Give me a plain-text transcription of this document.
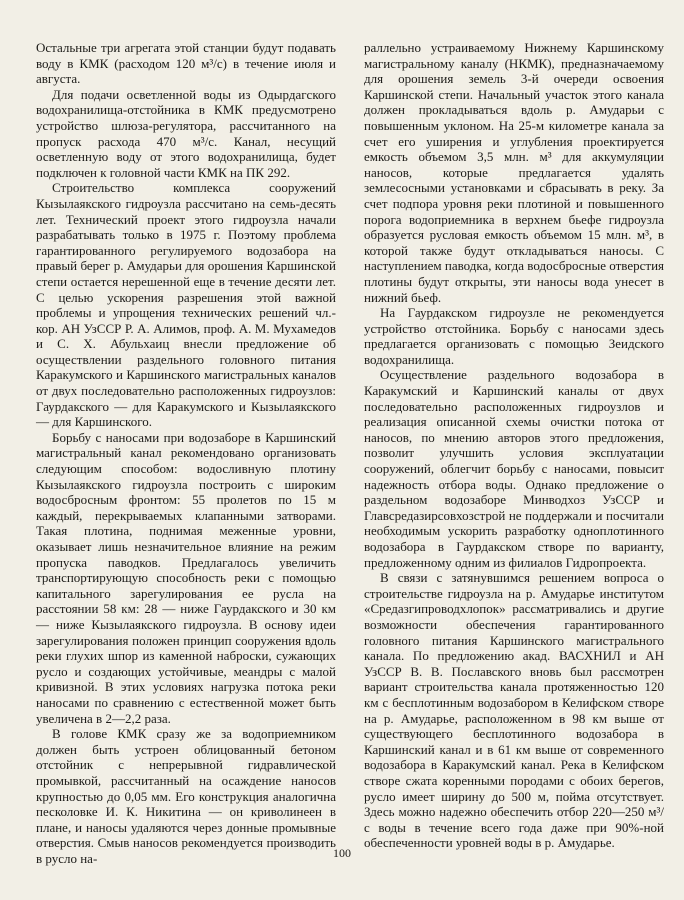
Остальные три агрегата этой станции будут подавать воду в КМК (расходом 120 м³/с) в течение июля и августа.

Для подачи осветленной воды из Одырдагского водохранилища-отстойника в КМК предусмотрено устройство шлюза-регулятора, рассчитанного на пропуск расхода 470 м³/с. Канал, несущий осветленную воду от этого водохранилища, будет подключен к головной части КМК на ПК 292.

Строительство комплекса сооружений Кызылаякского гидроузла рассчитано на семь-десять лет. Технический проект этого гидроузла начали разрабатывать только в 1975 г. Поэтому проблема гарантированного регулируемого водозабора на правый берег р. Амударьи для орошения Каршинской степи остается нерешенной еще в течение десяти лет. С целью ускорения разрешения этой важной проблемы и упрощения технических решений чл.-кор. АН УзССР Р. А. Алимов, проф. А. М. Мухамедов и С. Х. Абульхаиц внесли предложение об осуществлении раздельного головного питания Каракумского и Каршинского магистральных каналов от двух последовательно расположенных гидроузлов: Гаурдакского — для Каракумского и Кызылаякского — для Каршинского.

Борьбу с наносами при водозаборе в Каршинский магистральный канал рекомендовано организовать следующим способом: водосливную плотину Кызылаякского гидроузла построить с широким водосбросным фронтом: 55 пролетов по 15 м каждый, перекрываемых клапанными затворами. Такая плотина, поднимая меженные уровни, оказывает лишь незначительное влияние на режим пропуска паводков. Предлагалось увеличить транспортирующую способность реки с помощью капитального зарегулирования ее русла на расстоянии 58 км: 28 — ниже Гаурдакского и 30 км — ниже Кызылаякского гидроузла. В основу идеи зарегулирования положен принцип сооружения вдоль реки глухих шпор из каменной наброски, сужающих русло и создающих устойчивые, меандры с малой кривизной. В этих условиях нагрузка потока реки наносами по сравнению с естественной может быть увеличена в 2—2,2 раза.

В голове КМК сразу же за водоприемником должен быть устроен облицованный бетоном отстойник с непрерывной гидравлической промывкой, рассчитанный на осаждение наносов крупностью до 0,05 мм. Его конструкция аналогична песколовке И. К. Никитина — он криволинеен в плане, и наносы удаляются через донные промывные отверстия. Смыв наносов рекомендуется производить в русло на-

раллельно устраиваемому Нижнему Каршинскому магистральному каналу (НКМК), предназначаемому для орошения земель 3-й очереди освоения Каршинской степи. Начальный участок этого канала должен прокладываться вдоль р. Амударьи с повышенным уклоном. На 25-м километре канала за счет его уширения и углубления проектируется емкость объемом 3,5 млн. м³ для аккумуляции наносов, которые предлагается удалять землесосными установками и сбрасывать в реку. За счет подпора уровня реки плотиной и повышенного порога водоприемника в верхнем бьефе гидроузла образуется русловая емкость объемом 15 млн. м³, в которой также будут откладываться наносы. С наступлением паводка, когда водосбросные отверстия плотины будут открыты, эти наносы вода унесет в нижний бьеф.

На Гаурдакском гидроузле не рекомендуется устройство отстойника. Борьбу с наносами здесь предлагается организовать с помощью Зеидского водохранилища.

Осуществление раздельного водозабора в Каракумский и Каршинский каналы от двух последовательно расположенных гидроузлов и реализация описанной схемы очистки потока от наносов, по мнению авторов этого предложения, позволит улучшить условия эксплуатации сооружений, облегчит борьбу с наносами, повысит надежность отбора воды. Однако предложение о раздельном водозаборе Минводхоз УзССР и Главсредазирсовхозстрой не поддержали и посчитали необходимым ускорить разработку одноплотинного водозабора в Гаурдакском створе по варианту, предложенному одним из филиалов Гидропроекта.

В связи с затянувшимся решением вопроса о строительстве гидроузла на р. Амударье институтом «Средазгипроводхлопок» рассматривались и другие возможности обеспечения гарантированного головного питания Каршинского магистрального канала. По предложению акад. ВАСХНИЛ и АН УзССР В. В. Пославского вновь был рассмотрен вариант строительства канала протяженностью 120 км с бесплотинным водозабором в Келифском створе на р. Амударье, расположенном в 98 км выше от существующего бесплотинного водозабора в Каршинский канал и в 61 км выше от современного водозабора в Каракумский канал. Река в Келифском створе сжата коренными породами с обоих берегов, русло имеет ширину до 500 м, пойма отсутствует. Здесь можно надежно обеспечить отбор 220—250 м³/с воды в течение всего года даже при 90%-ной обеспеченности уровней воды в р. Амударье.

100
